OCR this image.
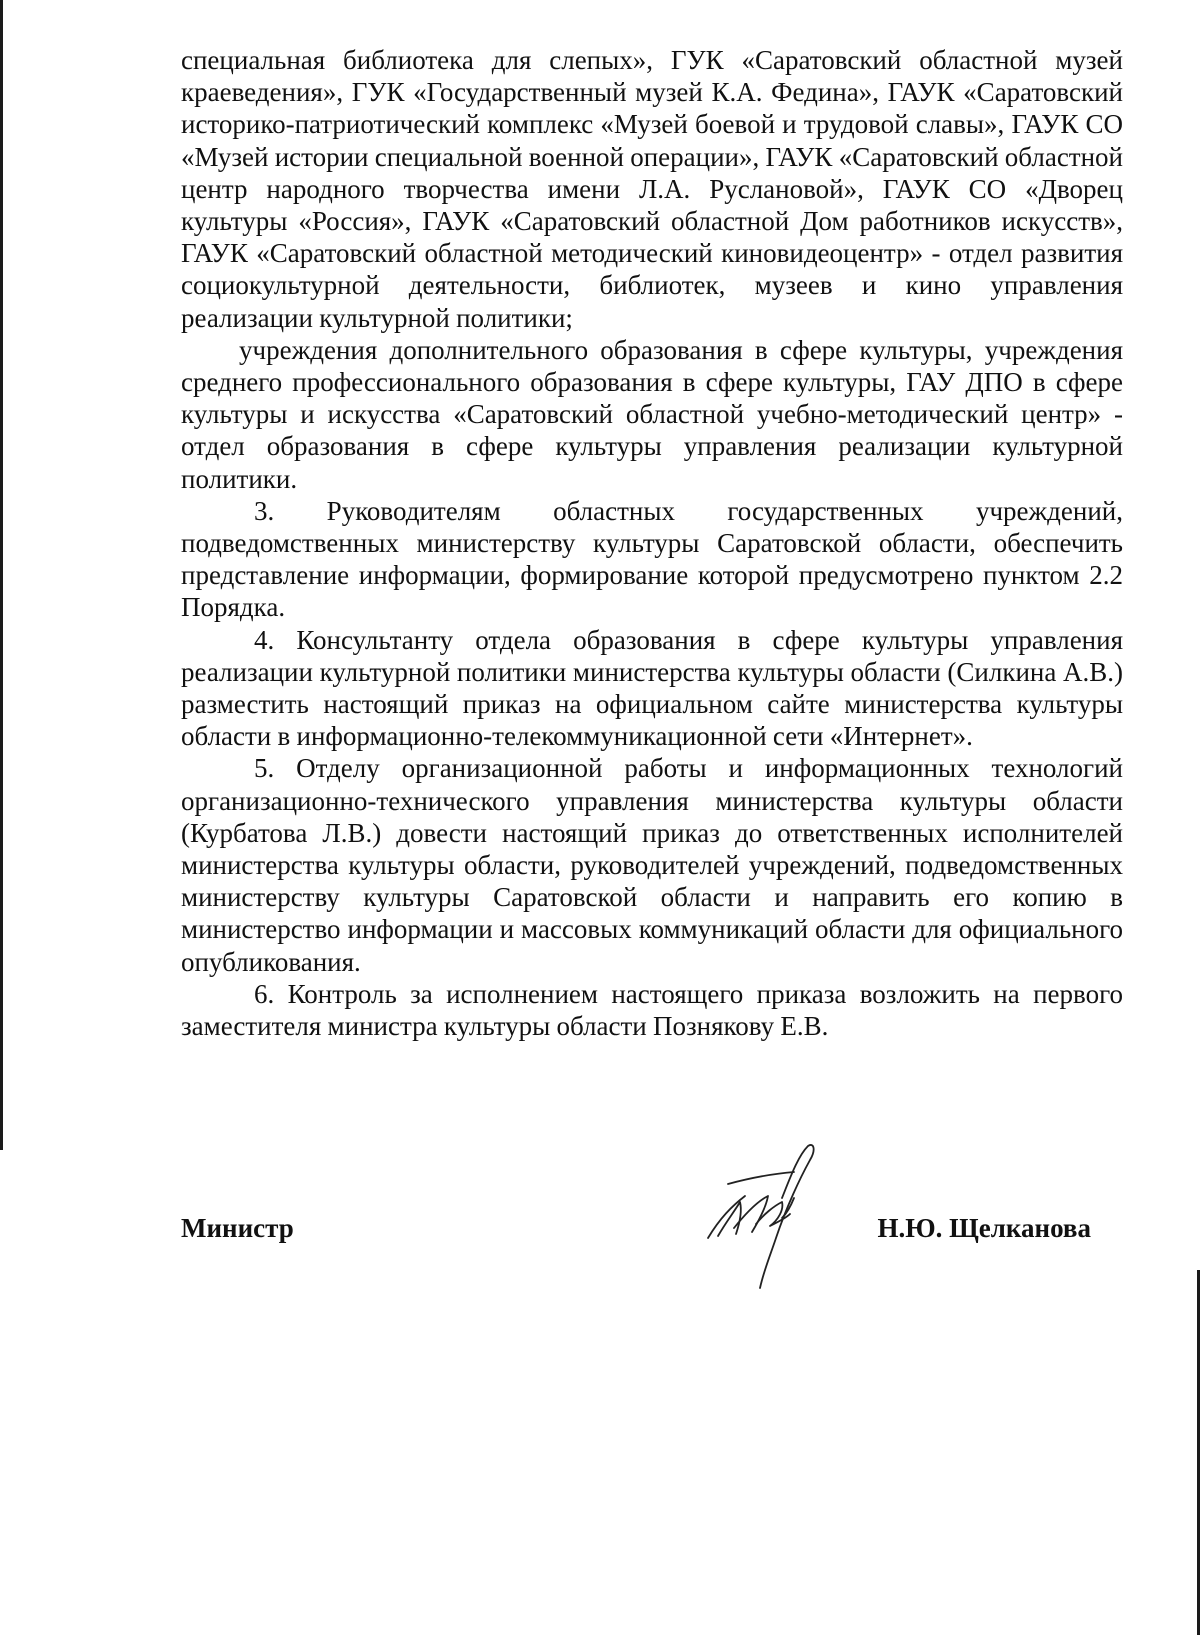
специальная библиотека для слепых», ГУК «Саратовский областной музей краеведения», ГУК «Государственный музей К.А. Федина», ГАУК «Саратовский историко-патриотический комплекс «Музей боевой и трудовой славы», ГАУК СО «Музей истории специальной военной операции», ГАУК «Саратовский областной центр народного творчества имени Л.А. Руслановой», ГАУК СО «Дворец культуры «Россия», ГАУК «Саратовский областной Дом работников искусств», ГАУК «Саратовский областной методический киновидеоцентр» - отдел развития социокультурной деятельности, библиотек, музеев и кино управления реализации культурной политики;

учреждения дополнительного образования в сфере культуры, учреждения среднего профессионального образования в сфере культуры, ГАУ ДПО в сфере культуры и искусства «Саратовский областной учебно-методический центр» - отдел образования в сфере культуры управления реализации культурной политики.

3. Руководителям областных государственных учреждений, подведомственных министерству культуры Саратовской области, обеспечить представление информации, формирование которой предусмотрено пунктом 2.2 Порядка.

4. Консультанту отдела образования в сфере культуры управления реализации культурной политики министерства культуры области (Силкина А.В.) разместить настоящий приказ на официальном сайте министерства культуры области в информационно-телекоммуникационной сети «Интернет».

5. Отделу организационной работы и информационных технологий организационно-технического управления министерства культуры области (Курбатова Л.В.) довести настоящий приказ до ответственных исполнителей министерства культуры области, руководителей учреждений, подведомственных министерству культуры Саратовской области и направить его копию в министерство информации и массовых коммуникаций области для официального опубликования.

6. Контроль за исполнением настоящего приказа возложить на первого заместителя министра культуры области Познякову Е.В.

Министр	Н.Ю. Щелканова
